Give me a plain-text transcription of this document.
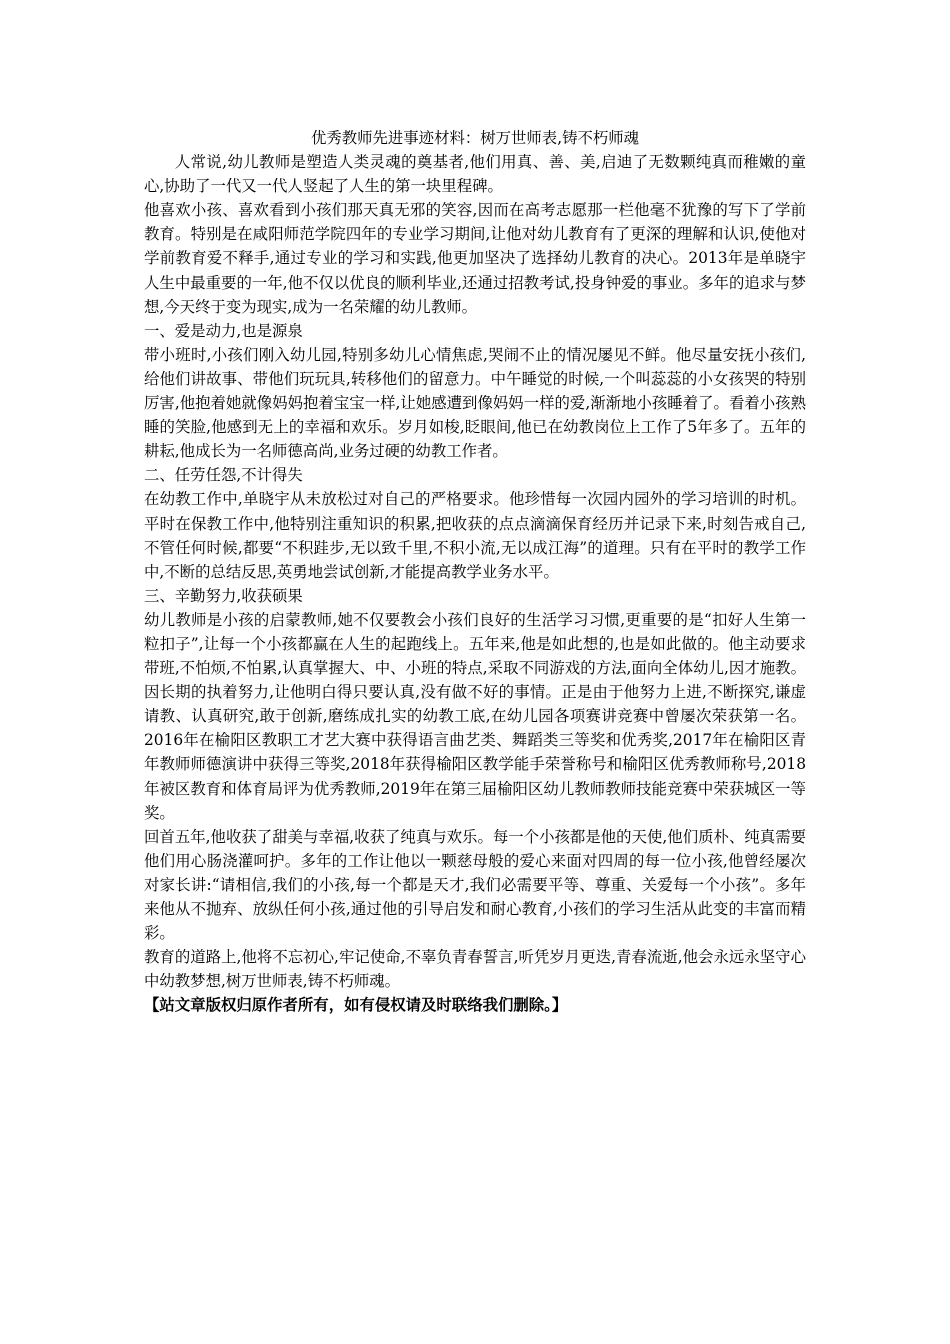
优秀教师先进事迹材料：树万世师表,铸不朽师魂

人常说,幼儿教师是塑造人类灵魂的奠基者,他们用真、善、美,启迪了无数颗纯真而稚嫩的童心,协助了一代又一代人竖起了人生的第一块里程碑。

他喜欢小孩、喜欢看到小孩们那天真无邪的笑容,因而在高考志愿那一栏他毫不犹豫的写下了学前教育。特别是在咸阳师范学院四年的专业学习期间,让他对幼儿教育有了更深的理解和认识,使他对学前教育爱不释手,通过专业的学习和实践,他更加坚决了选择幼儿教育的决心。2013年是单晓宇人生中最重要的一年,他不仅以优良的顺利毕业,还通过招教考试,投身钟爱的事业。多年的追求与梦想,今天终于变为现实,成为一名荣耀的幼儿教师。

一、爱是动力,也是源泉

带小班时,小孩们刚入幼儿园,特别多幼儿心情焦虑,哭闹不止的情况屡见不鲜。他尽量安抚小孩们,给他们讲故事、带他们玩玩具,转移他们的留意力。中午睡觉的时候,一个叫蕊蕊的小女孩哭的特别厉害,他抱着她就像妈妈抱着宝宝一样,让她感遭到像妈妈一样的爱,渐渐地小孩睡着了。看着小孩熟睡的笑脸,他感到无上的幸福和欢乐。岁月如梭,眨眼间,他已在幼教岗位上工作了5年多了。五年的耕耘,他成长为一名师德高尚,业务过硬的幼教工作者。

二、任劳任怨,不计得失

在幼教工作中,单晓宇从未放松过对自己的严格要求。他珍惜每一次园内园外的学习培训的时机。平时在保教工作中,他特别注重知识的积累,把收获的点点滴滴保育经历并记录下来,时刻告戒自己,不管任何时候,都要“不积跬步,无以致千里,不积小流,无以成江海”的道理。只有在平时的教学工作中,不断的总结反思,英勇地尝试创新,才能提高教学业务水平。

三、辛勤努力,收获硕果

幼儿教师是小孩的启蒙教师,她不仅要教会小孩们良好的生活学习习惯,更重要的是“扣好人生第一粒扣子”,让每一个小孩都赢在人生的起跑线上。五年来,他是如此想的,也是如此做的。他主动要求带班,不怕烦,不怕累,认真掌握大、中、小班的特点,采取不同游戏的方法,面向全体幼儿,因才施教。因长期的执着努力,让他明白得只要认真,没有做不好的事情。正是由于他努力上进,不断探究,谦虚请教、认真研究,敢于创新,磨练成扎实的幼教工底,在幼儿园各项赛讲竞赛中曾屡次荣获第一名。2016年在榆阳区教职工才艺大赛中获得语言曲艺类、舞蹈类三等奖和优秀奖,2017年在榆阳区青年教师师德演讲中获得三等奖,2018年获得榆阳区教学能手荣誉称号和榆阳区优秀教师称号,2018年被区教育和体育局评为优秀教师,2019年在第三届榆阳区幼儿教师教师技能竞赛中荣获城区一等奖。

回首五年,他收获了甜美与幸福,收获了纯真与欢乐。每一个小孩都是他的天使,他们质朴、纯真需要他们用心肠浇灌呵护。多年的工作让他以一颗慈母般的爱心来面对四周的每一位小孩,他曾经屡次对家长讲:“请相信,我们的小孩,每一个都是天才,我们必需要平等、尊重、关爱每一个小孩”。多年来他从不抛弃、放纵任何小孩,通过他的引导启发和耐心教育,小孩们的学习生活从此变的丰富而精彩。

教育的道路上,他将不忘初心,牢记使命,不辜负青春誓言,听凭岁月更迭,青春流逝,他会永远永坚守心中幼教梦想,树万世师表,铸不朽师魂。

【站文章版权归原作者所有，如有侵权请及时联络我们删除。】
